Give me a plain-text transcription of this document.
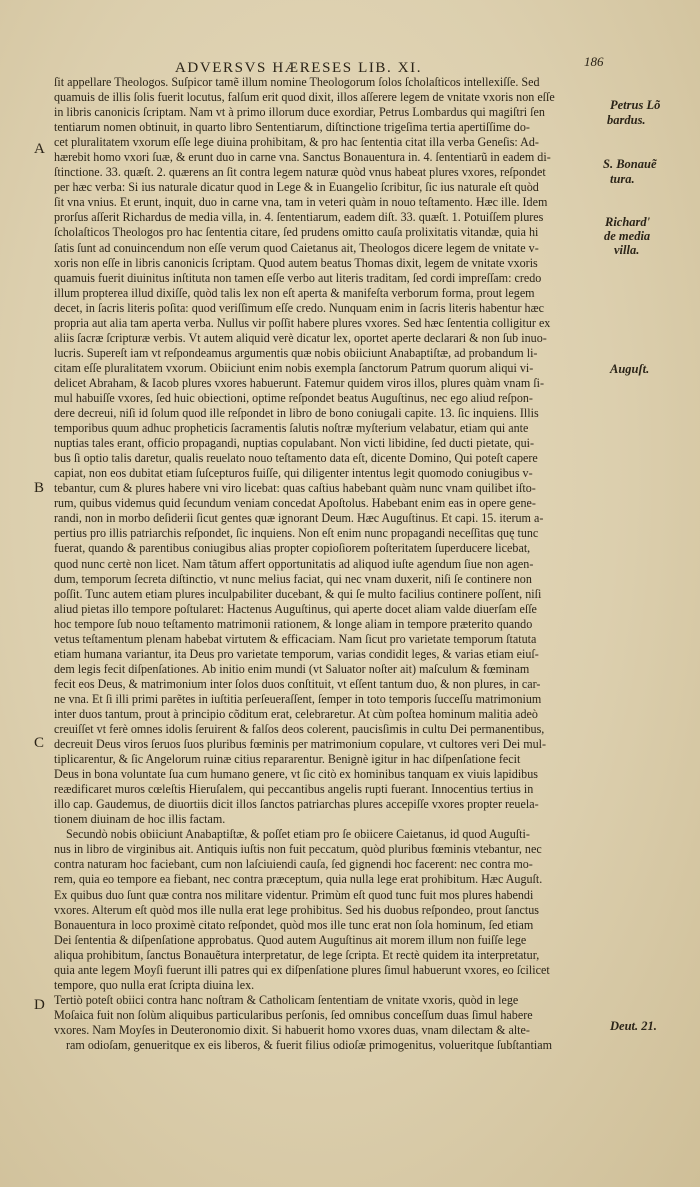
ADVERSVS HÆRESES LIB. XI.	186
ſit appellare Theologos. Suſpicor tamẽ illum nomine Theologorum ſolos ſcholaſticos intellexiſſe. Sed
quamuis de illis ſolis fuerit locutus, falſum erit quod dixit, illos aſſerere legem de vnitate vxoris non eſſe
in libris canonicis ſcriptam. Nam vt à primo illorum duce exordiar, Petrus Lombardus qui magiſtri ſen
tentiarum nomen obtinuit, in quarto libro Sententiarum, diſtinctione trigeſima tertia apertiſſime do-
cet pluralitatem vxorum eſſe lege diuina prohibitam, & pro hac ſententia citat illa verba Geneſis: Ad-
hærebit homo vxori ſuæ, & erunt duo in carne vna. Sanctus Bonauentura in. 4. ſententiarũ in eadem di-
ſtinctione. 33. quæſt. 2. quærens an ſit contra legem naturæ quòd vnus habeat plures vxores, reſpondet
per hæc verba: Si ius naturale dicatur quod in Lege & in Euangelio ſcribitur, ſic ius naturale eſt quòd
ſit vna vnius. Et erunt, inquit, duo in carne vna, tam in veteri quàm in nouo teſtamento. Hæc ille. Idem
prorſus aſſerit Richardus de media villa, in. 4. ſententiarum, eadem diſt. 33. quæſt. 1. Potuiſſem plures
ſcholaſticos Theologos pro hac ſententia citare, ſed prudens omitto cauſa prolixitatis vitandæ, quia hi
ſatis ſunt ad conuincendum non eſſe verum quod Caietanus ait, Theologos dicere legem de vnitate v-
xoris non eſſe in libris canonicis ſcriptam. Quod autem beatus Thomas dixit, legem de vnitate vxoris
quamuis fuerit diuinitus inſtituta non tamen eſſe verbo aut literis traditam, ſed cordi impreſſam: credo
illum propterea illud dixiſſe, quòd talis lex non eſt aperta & manifeſta verborum forma, prout legem
decet, in ſacris literis poſita: quod veriſſimum eſſe credo. Nunquam enim in ſacris literis habentur hæc
propria aut alia tam aperta verba. Nullus vir poſſit habere plures vxores. Sed hæc ſententia colligitur ex
aliis ſacræ ſcripturæ verbis. Vt autem aliquid verè dicatur lex, oportet aperte declarari & non ſub inuo-
lucris. Supereſt iam vt reſpondeamus argumentis quæ nobis obiiciunt Anabaptiſtæ, ad probandum li-
citam eſſe pluralitatem vxorum. Obiiciunt enim nobis exempla ſanctorum Patrum quorum aliqui vi-
delicet Abraham, & Iacob plures vxores habuerunt. Fatemur quidem viros illos, plures quàm vnam ſi-
mul habuiſſe vxores, ſed huic obiectioni, optime reſpondet beatus Auguſtinus, nec ego aliud reſpon-
dere decreui, niſi id ſolum quod ille reſpondet in libro de bono coniugali capite. 13. ſic inquiens. Illis
temporibus quum adhuc propheticis ſacramentis ſalutis noſtræ myſterium velabatur, etiam qui ante
nuptias tales erant, officio propagandi, nuptias copulabant. Non victi libidine, ſed ducti pietate, qui-
bus ſi optio talis daretur, qualis reuelato nouo teſtamento data eſt, dicente Domino, Qui poteſt capere
capiat, non eos dubitat etiam ſuſcepturos fuiſſe, qui diligenter intentus legit quomodo coniugibus v-
tebantur, cum & plures habere vni viro licebat: quas caſtius habebant quàm nunc vnam quilibet iſto-
rum, quibus videmus quid ſecundum veniam concedat Apoſtolus. Habebant enim eas in opere gene-
randi, non in morbo deſiderii ſicut gentes quæ ignorant Deum. Hæc Auguſtinus. Et capi. 15. iterum a-
pertius pro illis patriarchis reſpondet, ſic inquiens. Non eſt enim nunc propagandi neceſſitas quę tunc
fuerat, quando & parentibus coniugibus alias propter copioſiorem poſteritatem ſuperducere licebat,
quod nunc certè non licet. Nam tãtum affert opportunitatis ad aliquod iuſte agendum ſiue non agen-
dum, temporum ſecreta diſtinctio, vt nunc melius faciat, qui nec vnam duxerit, niſi ſe continere non
poſſit. Tunc autem etiam plures inculpabiliter ducebant, & qui ſe multo facilius continere poſſent, niſi
aliud pietas illo tempore poſtularet: Hactenus Auguſtinus, qui aperte docet aliam valde diuerſam eſſe
hoc tempore ſub nouo teſtamento matrimonii rationem, & longe aliam in tempore præterito quando
vetus teſtamentum plenam habebat virtutem & efficaciam. Nam ſicut pro varietate temporum ſtatuta
etiam humana variantur, ita Deus pro varietate temporum, varias condidit leges, & varias etiam eiuſ-
dem legis fecit diſpenſationes. Ab initio enim mundi (vt Saluator noſter ait) maſculum & fœminam
fecit eos Deus, & matrimonium inter ſolos duos conſtituit, vt eſſent tantum duo, & non plures, in car-
ne vna. Et ſi illi primi parẽtes in iuſtitia perſeueraſſent, ſemper in toto temporis ſucceſſu matrimonium
inter duos tantum, prout à principio cõditum erat, celebraretur. At cùm poſtea hominum malitia adeò
creuiſſet vt ferè omnes idolis ſeruirent & falſos deos colerent, paucisſimis in cultu Dei permanentibus,
decreuit Deus viros ſeruos ſuos pluribus fœminis per matrimonium copulare, vt cultores veri Dei mul-
tiplicarentur, & ſic Angelorum ruinæ citius repararentur. Benignè igitur in hac diſpenſatione fecit
Deus in bona voluntate ſua cum humano genere, vt ſic citò ex hominibus tanquam ex viuis lapidibus
reædificaret muros cœleſtis Hieruſalem, qui peccantibus angelis rupti fuerant. Innocentius tertius in
illo cap. Gaudemus, de diuortiis dicit illos ſanctos patriarchas plures accepiſſe vxores propter reuela-
tionem diuinam de hoc illis factam.
Secundò nobis obiiciunt Anabaptiſtæ, & poſſet etiam pro ſe obiicere Caietanus, id quod Auguſti-
nus in libro de virginibus ait. Antiquis iuſtis non fuit peccatum, quòd pluribus fœminis vtebantur, nec
contra naturam hoc faciebant, cum non laſciuiendi cauſa, ſed gignendi hoc facerent: nec contra mo-
rem, quia eo tempore ea fiebant, nec contra præceptum, quia nulla lege erat prohibitum. Hæc Auguſt.
Ex quibus duo ſunt quæ contra nos militare videntur. Primùm eſt quod tunc fuit mos plures habendi
vxores. Alterum eſt quòd mos ille nulla erat lege prohibitus. Sed his duobus reſpondeo, prout ſanctus
Bonauentura in loco proximè citato reſpondet, quòd mos ille tunc erat non ſola hominum, ſed etiam
Dei ſententia & diſpenſatione approbatus. Quod autem Auguſtinus ait morem illum non fuiſſe lege
aliqua prohibitum, ſanctus Bonauẽtura interpretatur, de lege ſcripta. Et rectè quidem ita interpretatur,
quia ante legem Moyſi fuerunt illi patres qui ex diſpenſatione plures ſimul habuerunt vxores, eo ſcilicet
tempore, quo nulla erat ſcripta diuina lex.
Tertiò poteſt obiici contra hanc noſtram & Catholicam ſententiam de vnitate vxoris, quòd in lege
Moſaica fuit non ſolùm aliquibus particularibus perſonis, ſed omnibus conceſſum duas ſimul habere
vxores. Nam Moyſes in Deuteronomio dixit. Si habuerit homo vxores duas, vnam dilectam & alte-
ram odioſam, genueritque ex eis liberos, & fuerit filius odioſæ primogenitus, volueritque ſubſtantiam
A
B
C
D
Petrus Lõ
bardus.
S. Bonauẽ
tura.
Richard'
de media
villa.
Auguſt.
Deut. 21.
